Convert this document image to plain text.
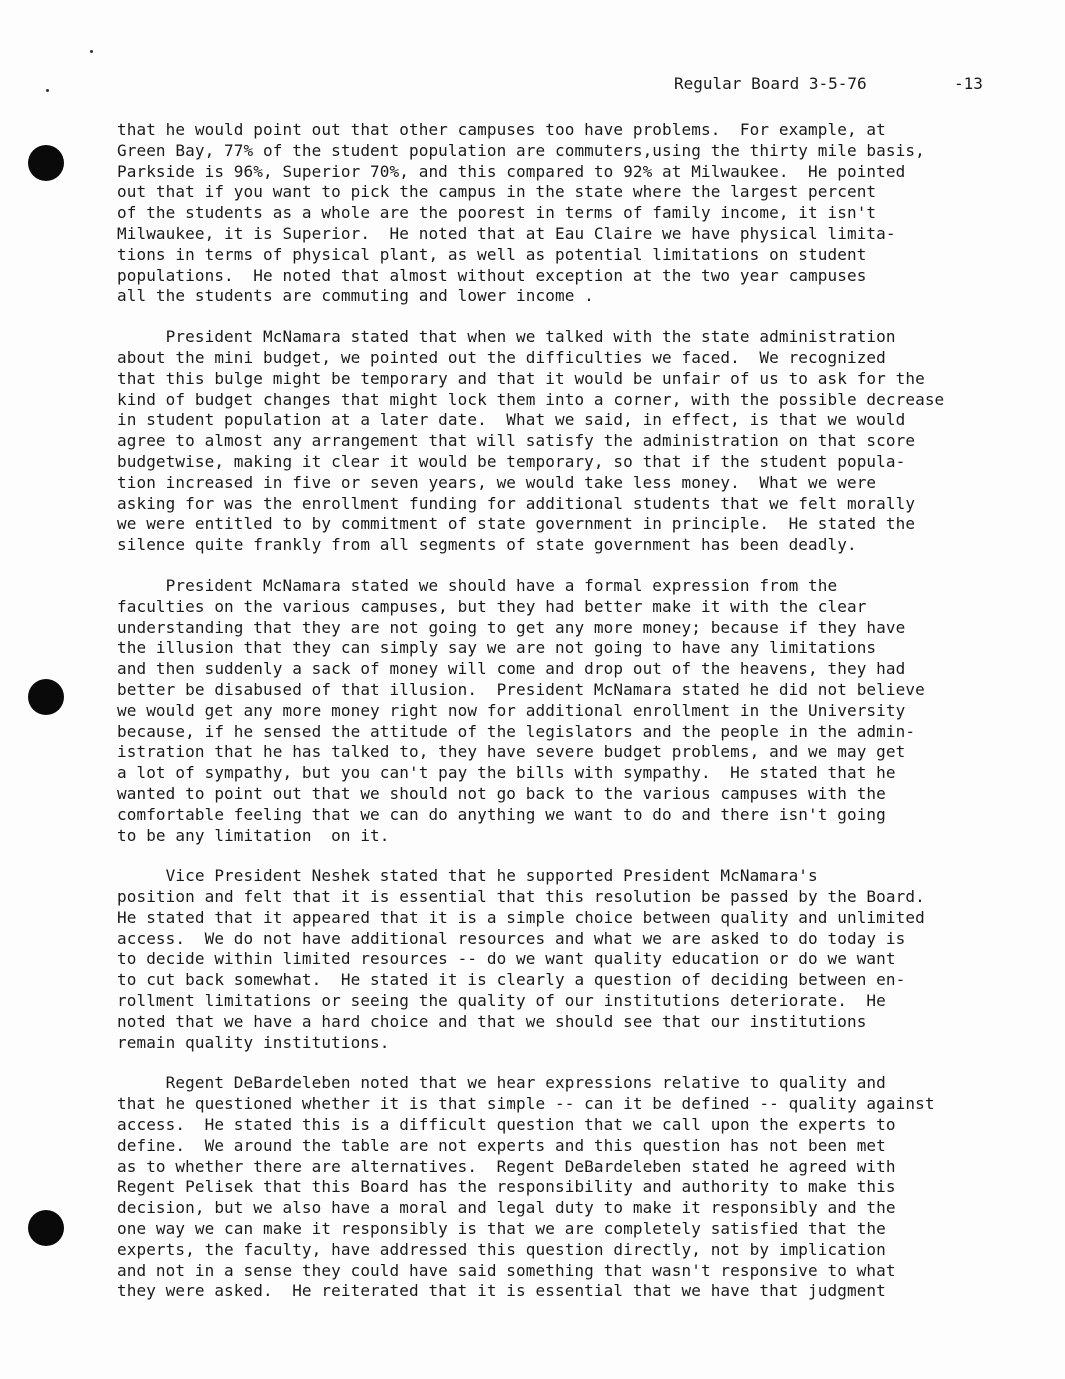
Regular Board 3-5-76	-13
that he would point out that other campuses too have problems.  For example, at
Green Bay, 77% of the student population are commuters,using the thirty mile basis,
Parkside is 96%, Superior 70%, and this compared to 92% at Milwaukee.  He pointed
out that if you want to pick the campus in the state where the largest percent
of the students as a whole are the poorest in terms of family income, it isn't
Milwaukee, it is Superior.  He noted that at Eau Claire we have physical limita-
tions in terms of physical plant, as well as potential limitations on student
populations.  He noted that almost without exception at the two year campuses
all the students are commuting and lower income .
President McNamara stated that when we talked with the state administration
about the mini budget, we pointed out the difficulties we faced.  We recognized
that this bulge might be temporary and that it would be unfair of us to ask for the
kind of budget changes that might lock them into a corner, with the possible decrease
in student population at a later date.  What we said, in effect, is that we would
agree to almost any arrangement that will satisfy the administration on that score
budgetwise, making it clear it would be temporary, so that if the student popula-
tion increased in five or seven years, we would take less money.  What we were
asking for was the enrollment funding for additional students that we felt morally
we were entitled to by commitment of state government in principle.  He stated the
silence quite frankly from all segments of state government has been deadly.
President McNamara stated we should have a formal expression from the
faculties on the various campuses, but they had better make it with the clear
understanding that they are not going to get any more money; because if they have
the illusion that they can simply say we are not going to have any limitations
and then suddenly a sack of money will come and drop out of the heavens, they had
better be disabused of that illusion.  President McNamara stated he did not believe
we would get any more money right now for additional enrollment in the University
because, if he sensed the attitude of the legislators and the people in the admin-
istration that he has talked to, they have severe budget problems, and we may get
a lot of sympathy, but you can't pay the bills with sympathy.  He stated that he
wanted to point out that we should not go back to the various campuses with the
comfortable feeling that we can do anything we want to do and there isn't going
to be any limitation  on it.
Vice President Neshek stated that he supported President McNamara's
position and felt that it is essential that this resolution be passed by the Board.
He stated that it appeared that it is a simple choice between quality and unlimited
access.  We do not have additional resources and what we are asked to do today is
to decide within limited resources -- do we want quality education or do we want
to cut back somewhat.  He stated it is clearly a question of deciding between en-
rollment limitations or seeing the quality of our institutions deteriorate.  He
noted that we have a hard choice and that we should see that our institutions
remain quality institutions.
Regent DeBardeleben noted that we hear expressions relative to quality and
that he questioned whether it is that simple -- can it be defined -- quality against
access.  He stated this is a difficult question that we call upon the experts to
define.  We around the table are not experts and this question has not been met
as to whether there are alternatives.  Regent DeBardeleben stated he agreed with
Regent Pelisek that this Board has the responsibility and authority to make this
decision, but we also have a moral and legal duty to make it responsibly and the
one way we can make it responsibly is that we are completely satisfied that the
experts, the faculty, have addressed this question directly, not by implication
and not in a sense they could have said something that wasn't responsive to what
they were asked.  He reiterated that it is essential that we have that judgment
